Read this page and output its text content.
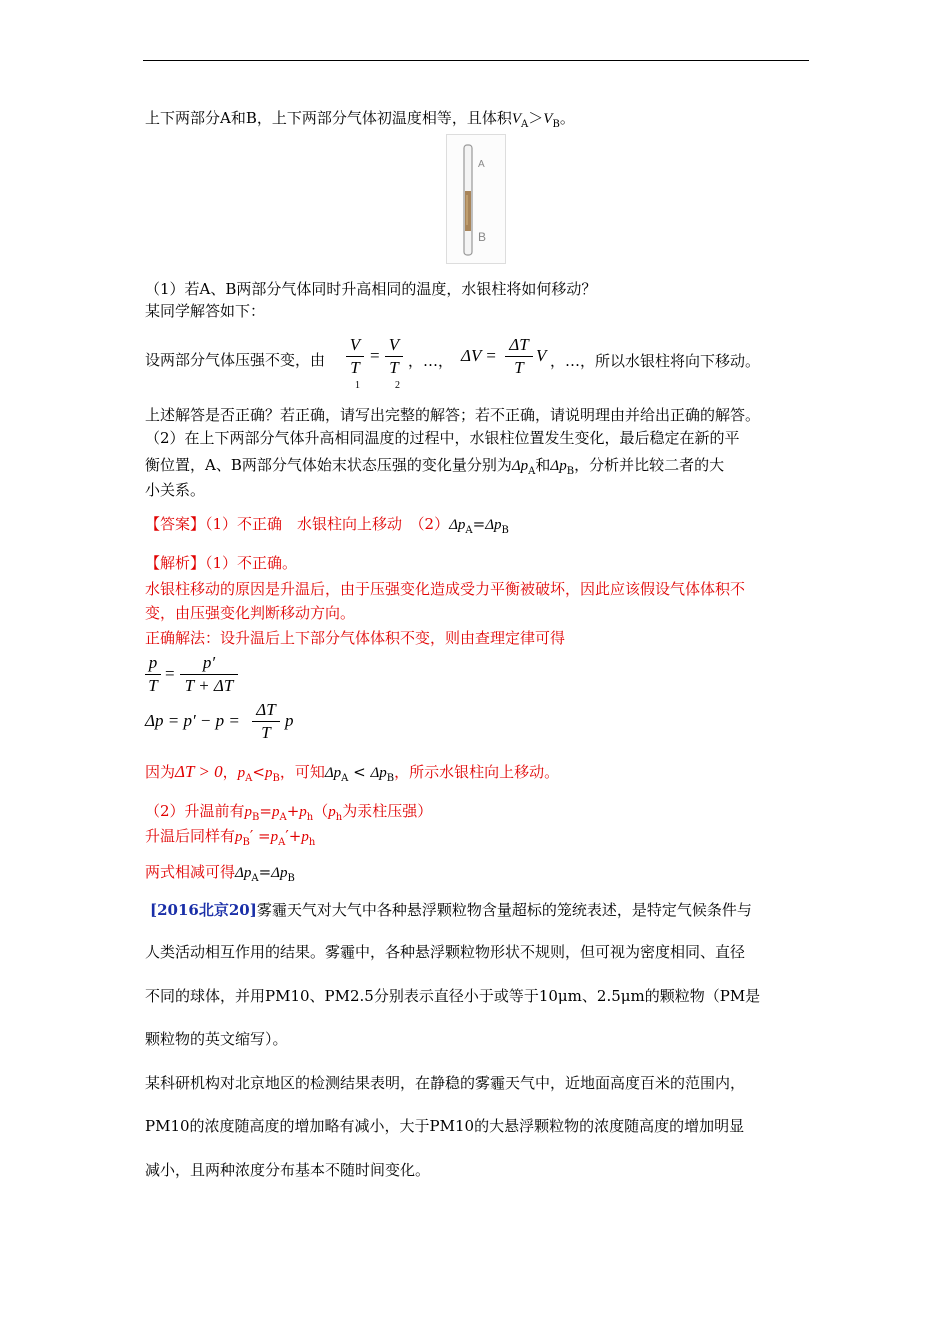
上下两部分A和B，上下两部分气体初温度相等，且体积$V_A>V_B$。
A
B
（1）若A、B两部分气体同时升高相同的温度，水银柱将如何移动？
某同学解答如下：
设两部分气体压强不变，由
V
T
1
=
V
T
2
，…， ΔV =
ΔT
T
V ，…，所以水银柱将向下移动。
上述解答是否正确？若正确，请写出完整的解答；若不正确，请说明理由并给出正确的解答。
（2）在上下两部分气体升高相同温度的过程中，水银柱位置发生变化，最后稳定在新的平
衡位置，A、B两部分气体始末状态压强的变化量分别为$\Delta p_A$和$\Delta p_B$，分析并比较二者的大
小关系。
【答案】（1）不正确　水银柱向上移动　$(2)\Delta p_A=\Delta p_B$
【解析】（1）不正确。
水银柱移动的原因是升温后，由于压强变化造成受力平衡被破坏，因此应该假设气体体积不
变，由压强变化判断移动方向。
正确解法：设升温后上下部分气体体积不变，则由查理定律可得
p
T
=
p′
T + ΔT
Δp = p′ − p =
ΔT
T
p
因为ΔT > 0，$p_A<p_B$，可知$\Delta p_A < \Delta p_B$，所示水银柱向上移动。
（2）升温前有$p_B=p_A+p_h(p_h$为汞柱压强）
升温后同样有$p_B' =p_A'+p_h$
两式相减可得$\Delta p_A=\Delta p_B$
[2016北京20]雾霾天气对大气中各种悬浮颗粒物含量超标的笼统表述，是特定气候条件与
人类活动相互作用的结果。雾霾中，各种悬浮颗粒物形状不规则，但可视为密度相同、直径
不同的球体，并用PM10、PM2.5分别表示直径小于或等于10μm、2.5μm的颗粒物（PM是
颗粒物的英文缩写）。
某科研机构对北京地区的检测结果表明，在静稳的雾霾天气中，近地面高度百米的范围内，
PM10的浓度随高度的增加略有减小，大于PM10的大悬浮颗粒物的浓度随高度的增加明显
减小，且两种浓度分布基本不随时间变化。
